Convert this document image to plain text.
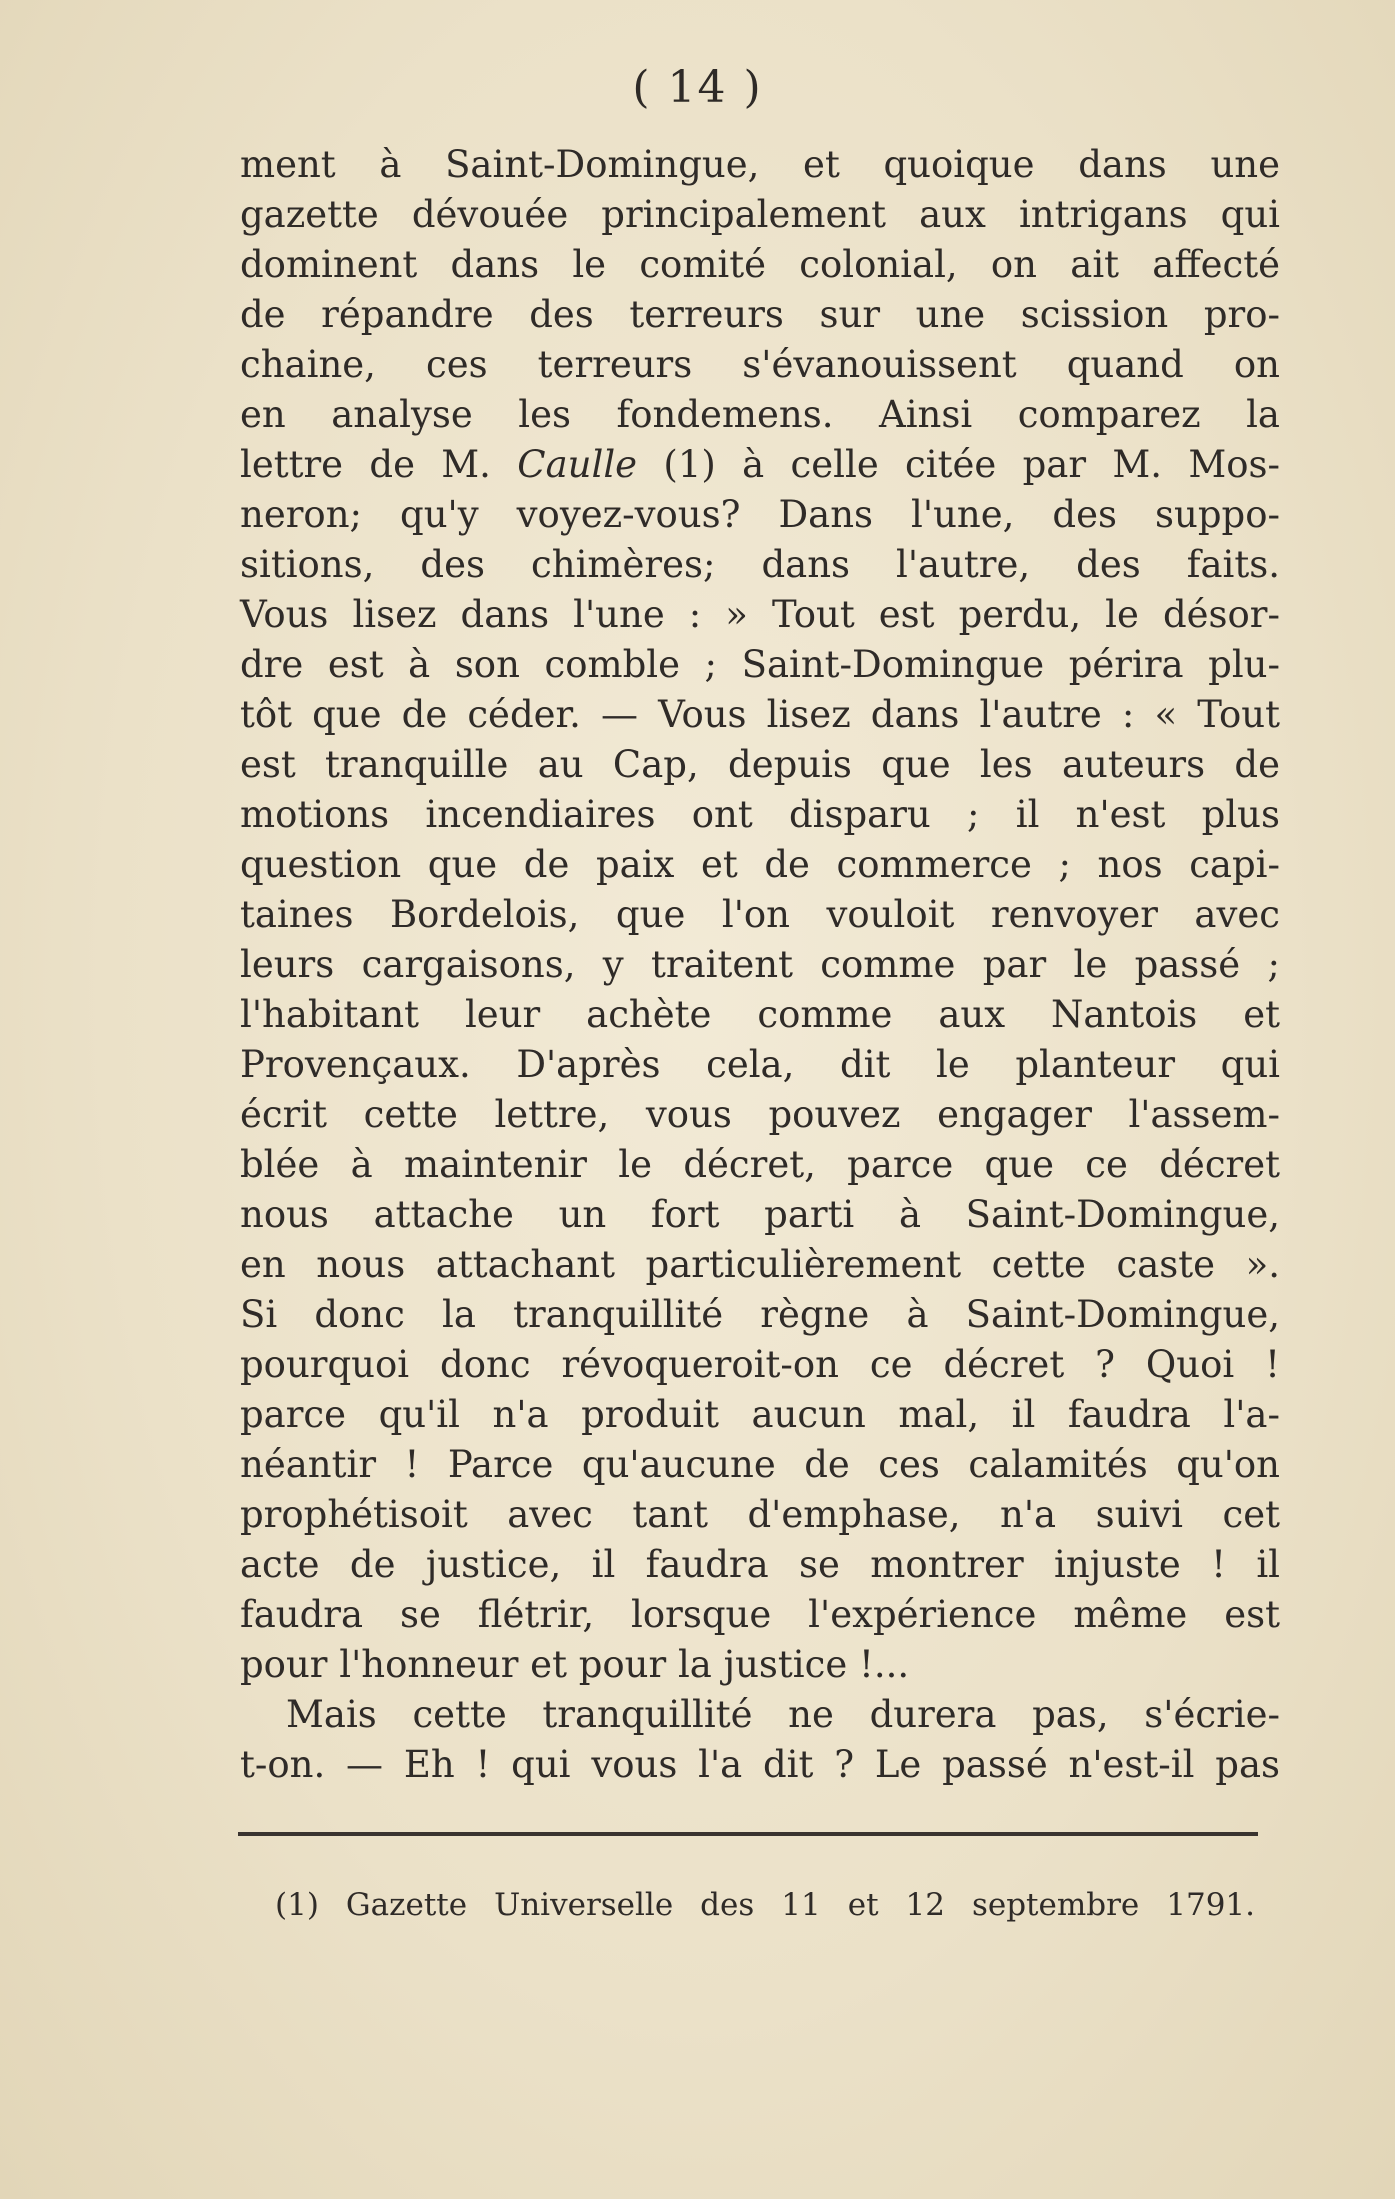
( 14 )
ment à Saint-Domingue, et quoique dans une
gazette dévouée principalement aux intrigans qui
dominent dans le comité colonial, on ait affecté
de répandre des terreurs sur une scission pro-
chaine, ces terreurs s'évanouissent quand on
en analyse les fondemens. Ainsi comparez la
lettre de M. Caulle (1) à celle citée par M. Mos-
neron; qu'y voyez-vous? Dans l'une, des suppo-
sitions, des chimères; dans l'autre, des faits.
Vous lisez dans l'une : » Tout est perdu, le désor-
dre est à son comble ; Saint-Domingue périra plu-
tôt que de céder. — Vous lisez dans l'autre : « Tout
est tranquille au Cap, depuis que les auteurs de
motions incendiaires ont disparu ; il n'est plus
question que de paix et de commerce ; nos capi-
taines Bordelois, que l'on vouloit renvoyer avec
leurs cargaisons, y traitent comme par le passé ;
l'habitant leur achète comme aux Nantois et
Provençaux. D'après cela, dit le planteur qui
écrit cette lettre, vous pouvez engager l'assem-
blée à maintenir le décret, parce que ce décret
nous attache un fort parti à Saint-Domingue,
en nous attachant particulièrement cette caste ».
Si donc la tranquillité règne à Saint-Domingue,
pourquoi donc révoqueroit-on ce décret ? Quoi !
parce qu'il n'a produit aucun mal, il faudra l'a-
néantir ! Parce qu'aucune de ces calamités qu'on
prophétisoit avec tant d'emphase, n'a suivi cet
acte de justice, il faudra se montrer injuste ! il
faudra se flétrir, lorsque l'expérience même est
pour l'honneur et pour la justice !...
Mais cette tranquillité ne durera pas, s'écrie-
t-on. — Eh ! qui vous l'a dit ? Le passé n'est-il pas
(1) Gazette Universelle des 11 et 12 septembre 1791.
